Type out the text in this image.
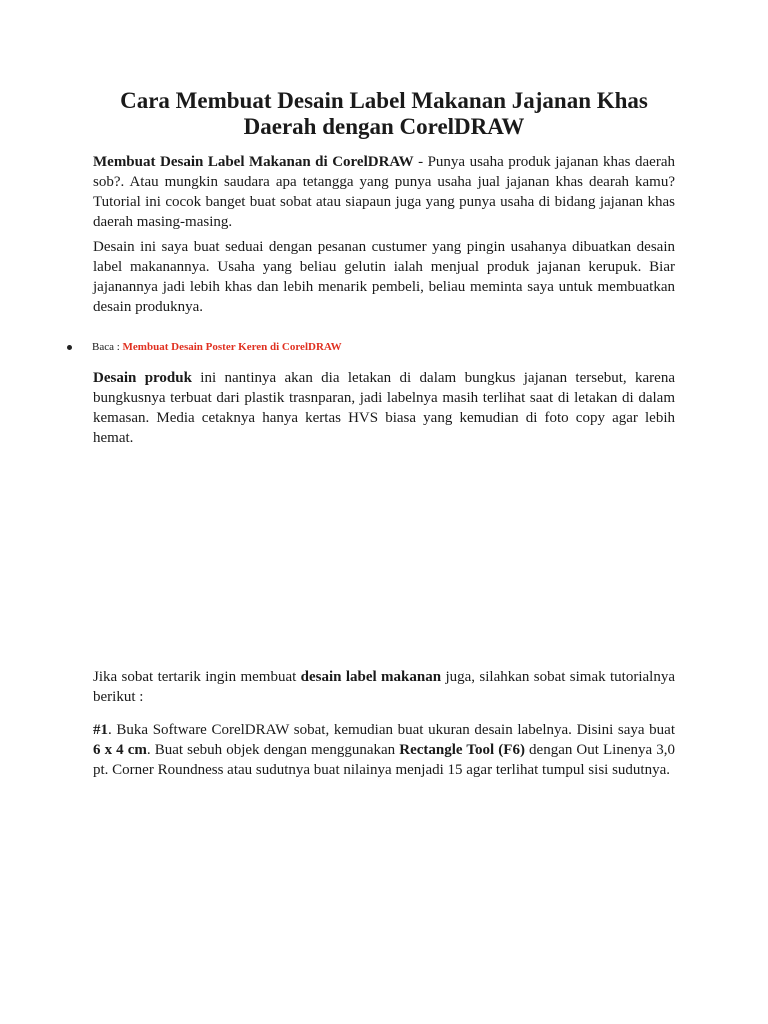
Cara Membuat Desain Label Makanan Jajanan Khas Daerah dengan CorelDRAW

Membuat Desain Label Makanan di CorelDRAW - Punya usaha produk jajanan khas daerah sob?. Atau mungkin saudara apa tetangga yang punya usaha jual jajanan khas dearah kamu? Tutorial ini cocok banget buat sobat atau siapaun juga yang punya usaha di bidang jajanan khas daerah masing-masing.

Desain ini saya buat seduai dengan pesanan custumer yang pingin usahanya dibuatkan desain label makanannya. Usaha yang beliau gelutin ialah menjual produk jajanan kerupuk. Biar jajanannya jadi lebih khas dan lebih menarik pembeli, beliau meminta saya untuk membuatkan desain produknya.

Baca : Membuat Desain Poster Keren di CorelDRAW

Desain produk ini nantinya akan dia letakan di dalam bungkus jajanan tersebut, karena bungkusnya terbuat dari plastik trasnparan, jadi labelnya masih terlihat saat di letakan di dalam kemasan. Media cetaknya hanya kertas HVS biasa yang kemudian di foto copy agar lebih hemat.

Jika sobat tertarik ingin membuat desain label makanan juga, silahkan sobat simak tutorialnya berikut :

#1. Buka Software CorelDRAW sobat, kemudian buat ukuran desain labelnya. Disini saya buat 6 x 4 cm. Buat sebuh objek dengan menggunakan Rectangle Tool (F6) dengan Out Linenya 3,0 pt. Corner Roundness atau sudutnya buat nilainya menjadi 15 agar terlihat tumpul sisi sudutnya.
